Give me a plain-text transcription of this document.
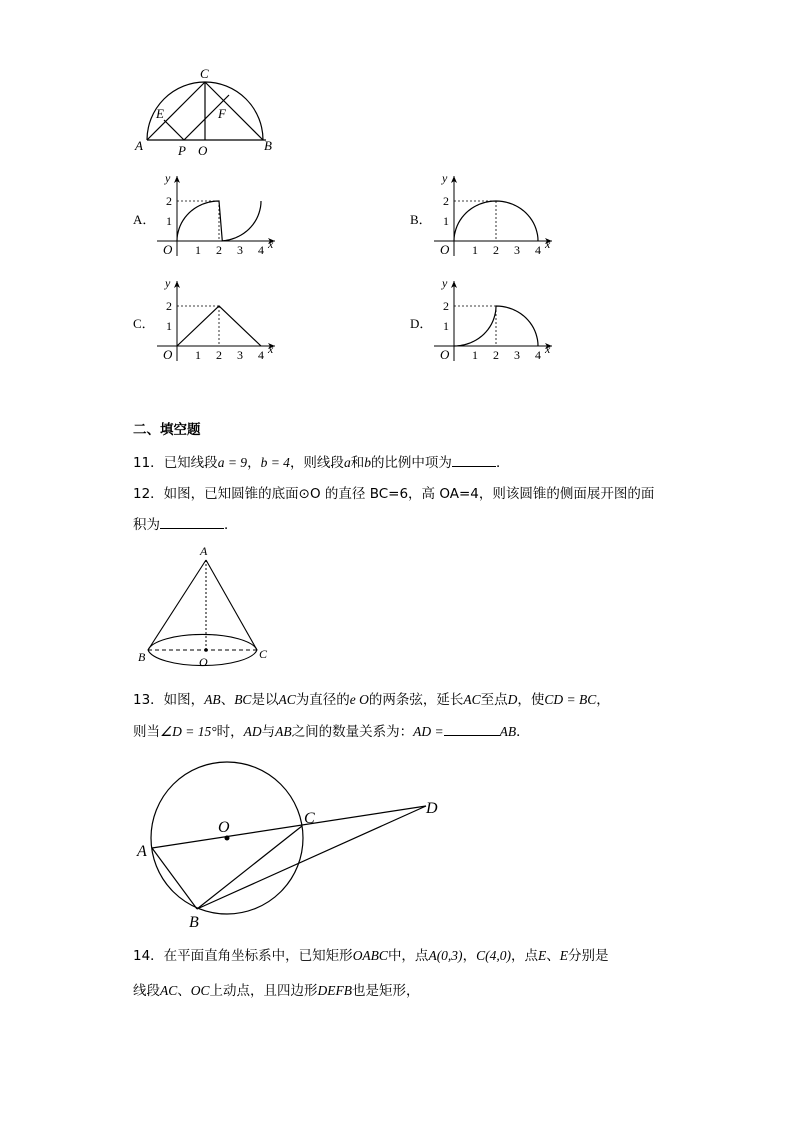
C
E	F
A	P O	B
A．	B．
C．	D．
y
x
O 1 2 3 4
1
2
y
x
O 1 2 3 4
1
2
y
x
O 1 2 3 4
1
2
y
x
O 1 2 3 4
1
2
二、填空题
11．已知线段a = 9，b = 4，则线段a和b的比例中项为	．
12．如图，已知圆锥的底面⊙O 的直径 BC=6，高 OA=4，则该圆锥的侧面展开图的面
积为	．
A
B	O
C
13．如图，AB、BC是以AC为直径的e O的两条弦，延长AC至点D，使CD = BC，
则当∠D = 15°时，AD与AB之间的数量关系为：AD =	AB．
O
A
B
C
D
14．在平面直角坐标系中，已知矩形OABC中，点A(0,3)，C(4,0)，点E、E分别是
线段AC、OC上动点，且四边形DEFB也是矩形，
